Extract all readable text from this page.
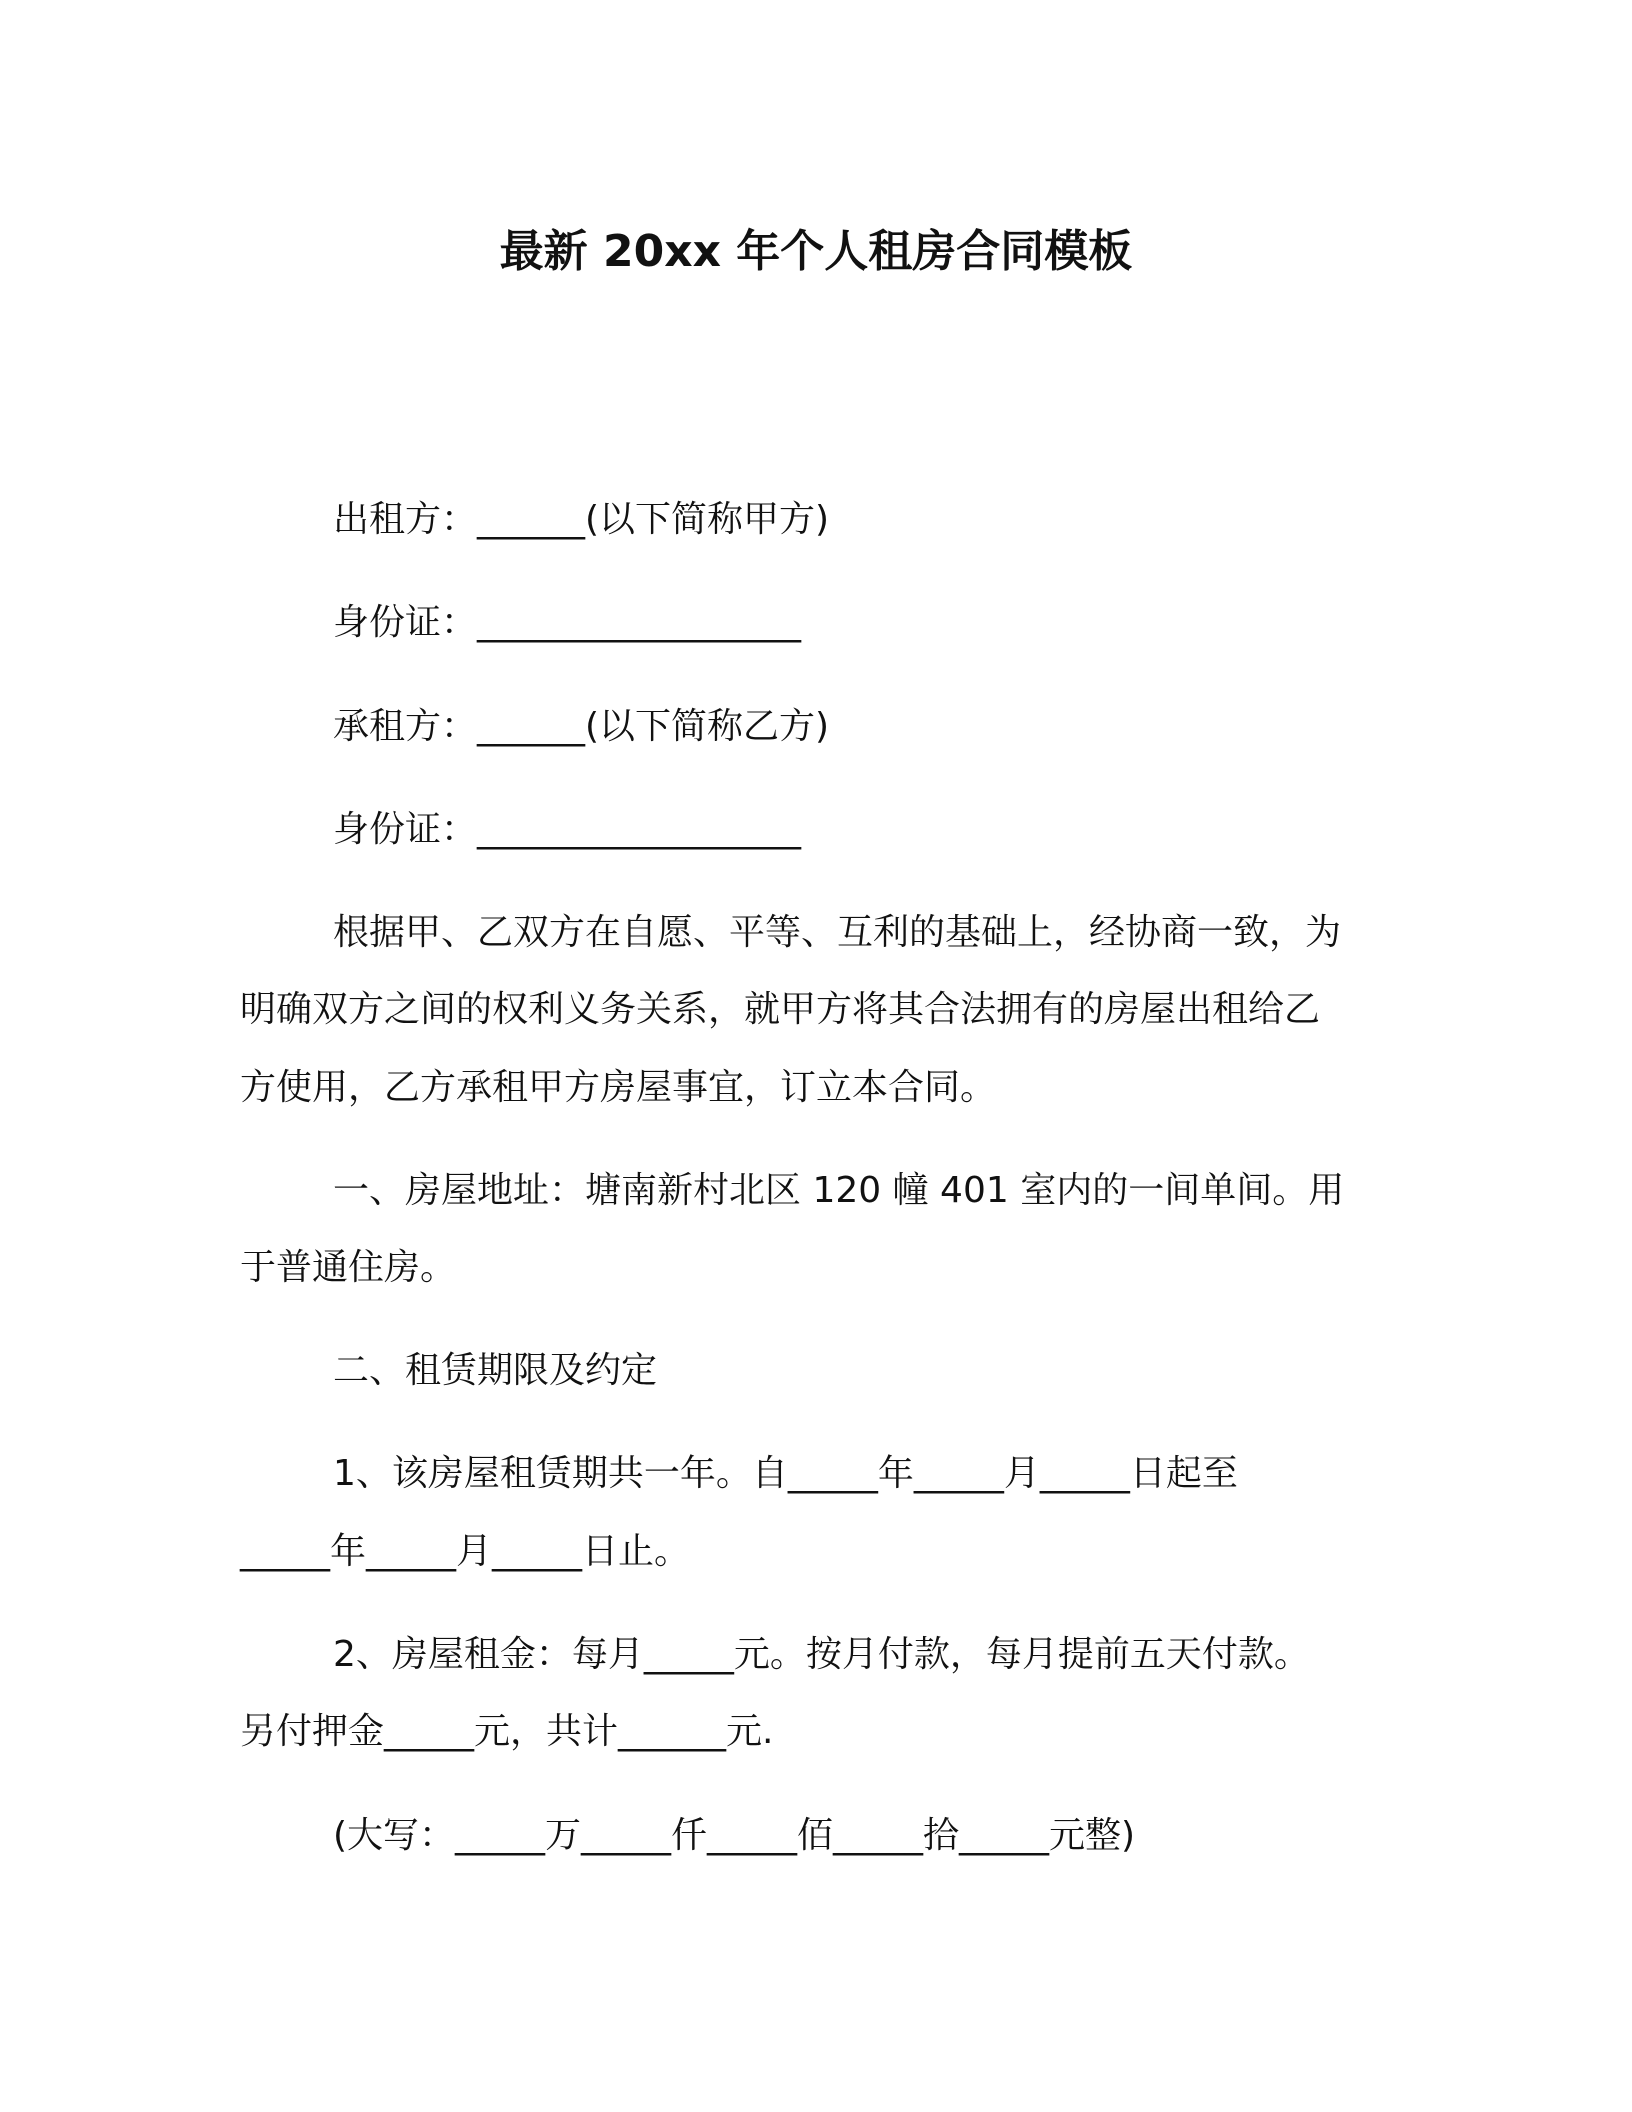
最新 20xx 年个人租房合同模板
出租方：______(以下简称甲方)
身份证：__________________
承租方：______(以下简称乙方)
身份证：__________________
根据甲、乙双方在自愿、平等、互利的基础上，经协商一致，为
明确双方之间的权利义务关系，就甲方将其合法拥有的房屋出租给乙
方使用，乙方承租甲方房屋事宜，订立本合同。
一、房屋地址：塘南新村北区 120 幢 401 室内的一间单间。用
于普通住房。
二、租赁期限及约定
1、该房屋租赁期共一年。自_____年_____月_____日起至
_____年_____月_____日止。
2、房屋租金：每月_____元。按月付款，每月提前五天付款。
另付押金_____元，共计______元.
(大写：_____万_____仟_____佰_____拾_____元整)
